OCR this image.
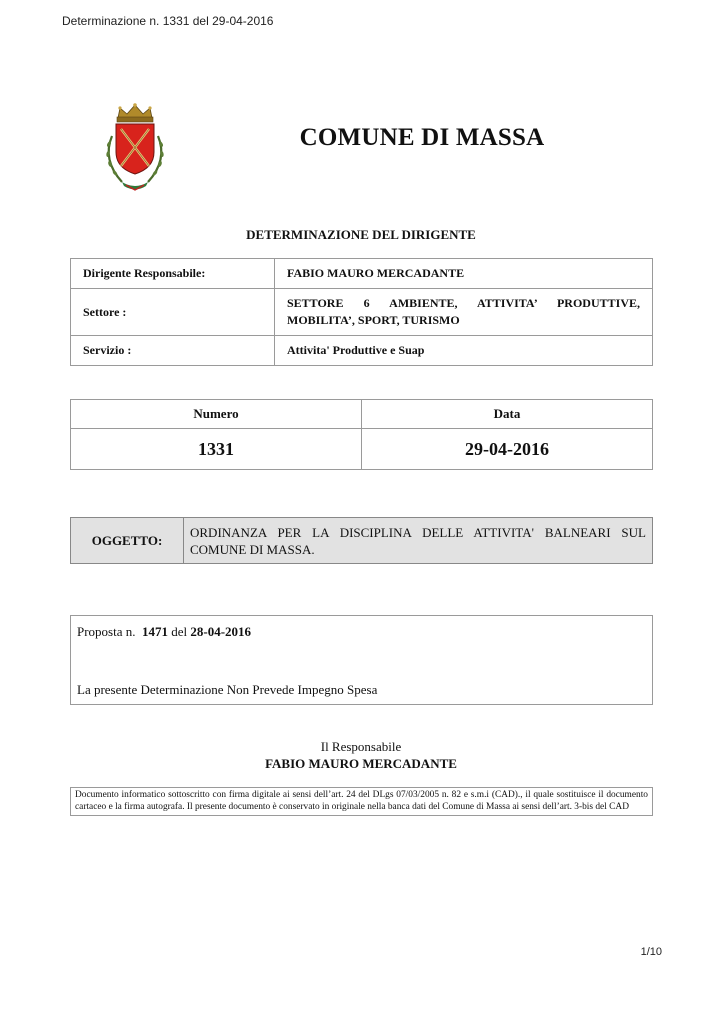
Determinazione n. 1331 del 29-04-2016
COMUNE DI MASSA
DETERMINAZIONE DEL DIRIGENTE
Dirigente Responsabile:	FABIO MAURO MERCADANTE
Settore :	SETTORE 6 AMBIENTE, ATTIVITA’ PRODUTTIVE, MOBILITA’, SPORT, TURISMO
Servizio :	Attivita' Produttive e Suap
Numero	Data
1331	29-04-2016
OGGETTO:	ORDINANZA PER LA DISCIPLINA DELLE ATTIVITA' BALNEARI SUL COMUNE DI MASSA.
Proposta n. 1471 del 28-04-2016
La presente Determinazione Non Prevede Impegno Spesa
Il Responsabile
FABIO MAURO MERCADANTE
Documento informatico sottoscritto con firma digitale ai sensi dell’art. 24 del DLgs 07/03/2005 n. 82 e s.m.i (CAD)., il quale sostituisce il documento cartaceo e la firma autografa. Il presente documento è conservato in originale nella banca dati del Comune di Massa ai sensi dell’art. 3-bis del CAD
1/10
